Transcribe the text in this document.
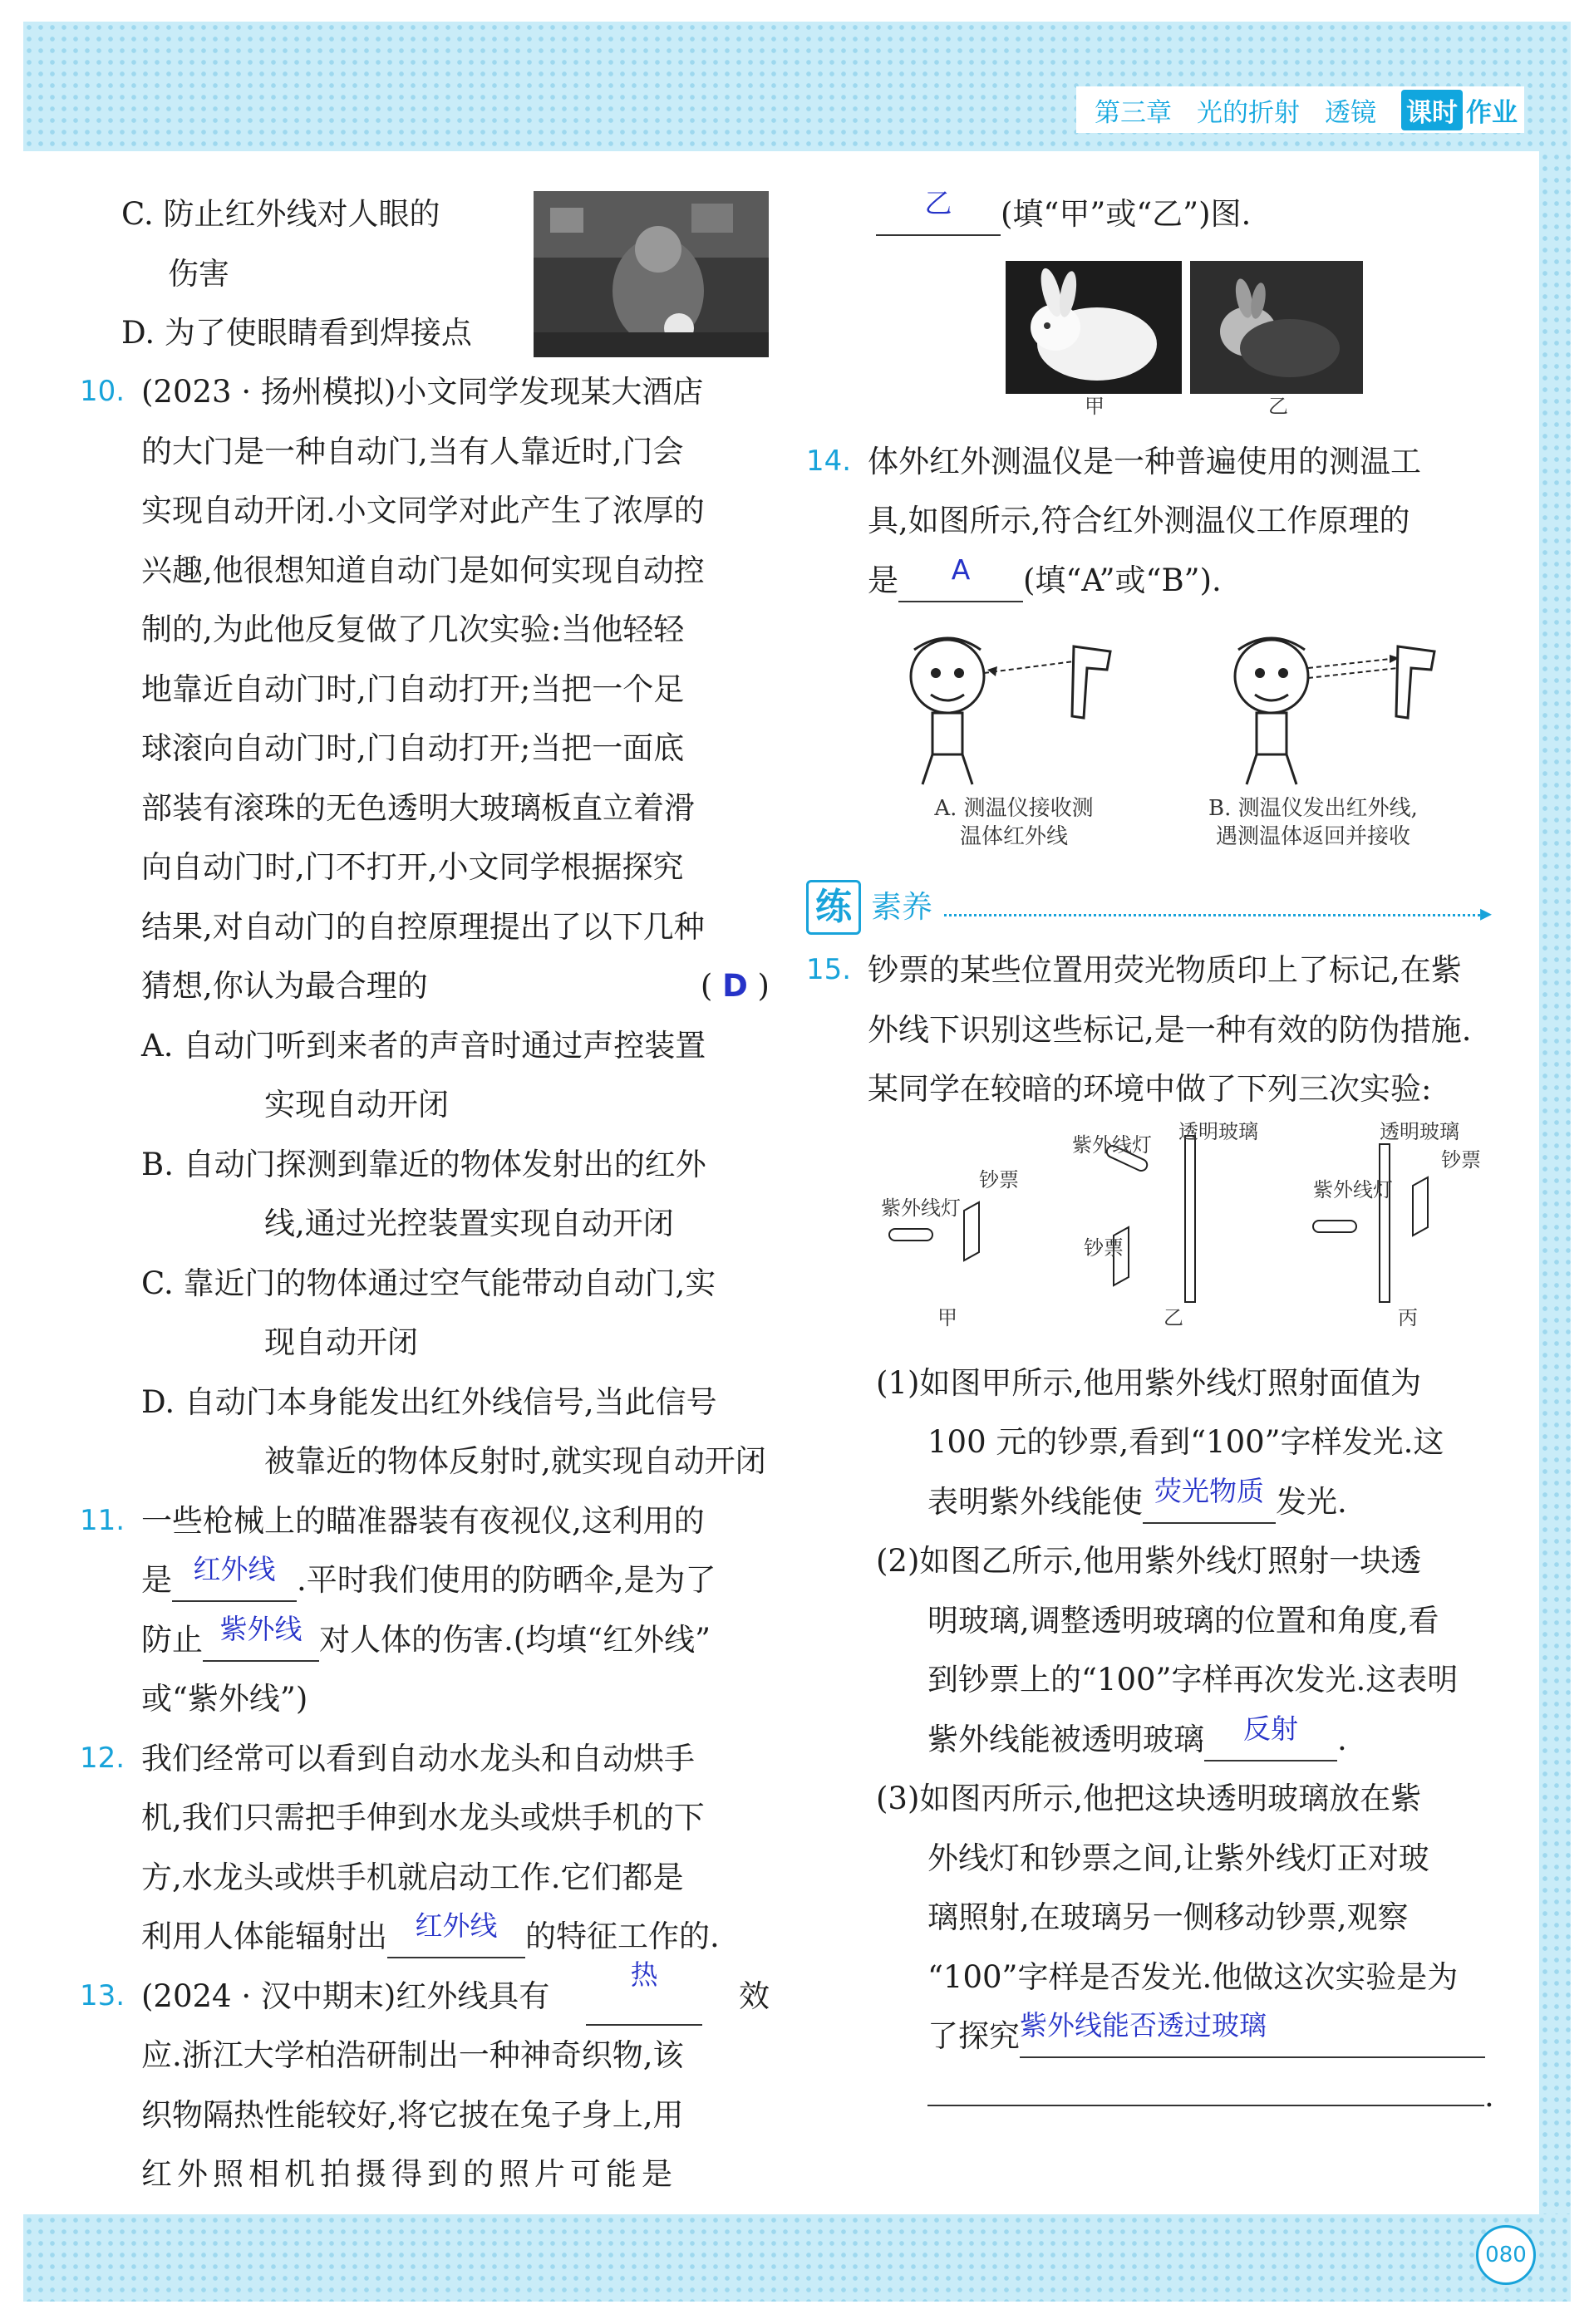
第三章 光的折射 透镜 课时 作业
C. 防止红外线对人眼的
伤害
D. 为了使眼睛看到焊接点
10. (2023 · 扬州模拟)小文同学发现某大酒店
的大门是一种自动门,当有人靠近时,门会
实现自动开闭.小文同学对此产生了浓厚的
兴趣,他很想知道自动门是如何实现自动控
制的,为此他反复做了几次实验:当他轻轻
地靠近自动门时,门自动打开;当把一个足
球滚向自动门时,门自动打开;当把一面底
部装有滚珠的无色透明大玻璃板直立着滑
向自动门时,门不打开,小文同学根据探究
结果,对自动门的自控原理提出了以下几种
猜想,你认为最合理的	( D )
A. 自动门听到来者的声音时通过声控装置
实现自动开闭
B. 自动门探测到靠近的物体发射出的红外
线,通过光控装置实现自动开闭
C. 靠近门的物体通过空气能带动自动门,实
现自动开闭
D. 自动门本身能发出红外线信号,当此信号
被靠近的物体反射时,就实现自动开闭
11. 一些枪械上的瞄准器装有夜视仪,这利用的
是 红外线 .平时我们使用的防晒伞,是为了
防止 紫外线 对人体的伤害.(均填“红外线”
或“紫外线”)
12. 我们经常可以看到自动水龙头和自动烘手
机,我们只需把手伸到水龙头或烘手机的下
方,水龙头或烘手机就启动工作.它们都是
利用人体能辐射出 红外线 的特征工作的.
13. (2024 · 汉中期末)红外线具有
热
效
应.浙江大学柏浩研制出一种神奇织物,该
织物隔热性能较好,将它披在兔子身上,用
红外照相机拍摄得到的照片可能是
乙 (填“甲”或“乙”)图.
甲	乙
14. 体外红外测温仪是一种普遍使用的测温工
具,如图所示,符合红外测温仪工作原理的
是 A (填“A”或“B”).
A. 测温仪接收测
温体红外线
B. 测温仪发出红外线,
遇测温体返回并接收
练 素养	▸
15. 钞票的某些位置用荧光物质印上了标记,在紫
外线下识别这些标记,是一种有效的防伪措施.
某同学在较暗的环境中做了下列三次实验:
紫外线灯
钞票
紫外线灯
透明玻璃
钞票
紫外线灯
透明玻璃
钞票
甲	乙	丙
(1)如图甲所示,他用紫外线灯照射面值为
100 元的钞票,看到“100”字样发光.这
表明紫外线能使 荧光物质 发光.
(2)如图乙所示,他用紫外线灯照射一块透
明玻璃,调整透明玻璃的位置和角度,看
到钞票上的“100”字样再次发光.这表明
紫外线能被透明玻璃 反射 .
(3)如图丙所示,他把这块透明玻璃放在紫
外线灯和钞票之间,让紫外线灯正对玻
璃照射,在玻璃另一侧移动钞票,观察
“100”字样是否发光.他做这次实验是为
了探究紫外线能否透过玻璃
.
080
